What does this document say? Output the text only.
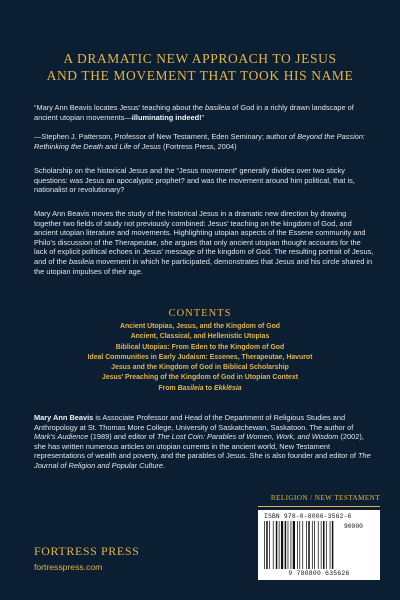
A DRAMATIC NEW APPROACH TO JESUS
AND THE MOVEMENT THAT TOOK HIS NAME
“Mary Ann Beavis locates Jesus’ teaching about the basileia of God in a richly drawn landscape of ancient utopian movements—illuminating indeed!”
—Stephen J. Patterson, Professor of New Testament, Eden Seminary; author of Beyond the Passion: Rethinking the Death and Life of Jesus (Fortress Press, 2004)
Scholarship on the historical Jesus and the “Jesus movement” generally divides over two sticky questions: was Jesus an apocalyptic prophet? and was the movement around him political, that is, nationalist or revolutionary?
Mary Ann Beavis moves the study of the historical Jesus in a dramatic new direction by drawing together two fields of study not previously combined: Jesus’ teaching on the kingdom of God, and ancient utopian literature and movements. Highlighting utopian aspects of the Essene community and Philo’s discussion of the Therapeutae, she argues that only ancient utopian thought accounts for the lack of explicit political echoes in Jesus’ message of the kingdom of God. The resulting portrait of Jesus, and of the basileia movement in which he participated, demonstrates that Jesus and his circle shared in the utopian impulses of their age.
CONTENTS
Ancient Utopias, Jesus, and the Kingdom of God
Ancient, Classical, and Hellenistic Utopias
Biblical Utopias: From Eden to the Kingdom of God
Ideal Communities in Early Judaism: Essenes, Therapeutae, Havurot
Jesus and the Kingdom of God in Biblical Scholarship
Jesus’ Preaching of the Kingdom of God in Utopian Context
From Basileia to Ekklēsia
Mary Ann Beavis is Associate Professor and Head of the Department of Religious Studies and Anthropology at St. Thomas More College, University of Saskatchewan, Saskatoon. The author of Mark’s Audience (1989) and editor of The Lost Coin: Parables of Women, Work, and Wisdom (2002), she has written numerous articles on utopian currents in the ancient world, New Testament representations of wealth and poverty, and the parables of Jesus. She is also founder and editor of The Journal of Religion and Popular Culture.
RELIGION / NEW TESTAMENT
ISBN 978-0-8006-3562-6
90000
9 780800 635626
FORTRESS PRESS
fortresspress.com
